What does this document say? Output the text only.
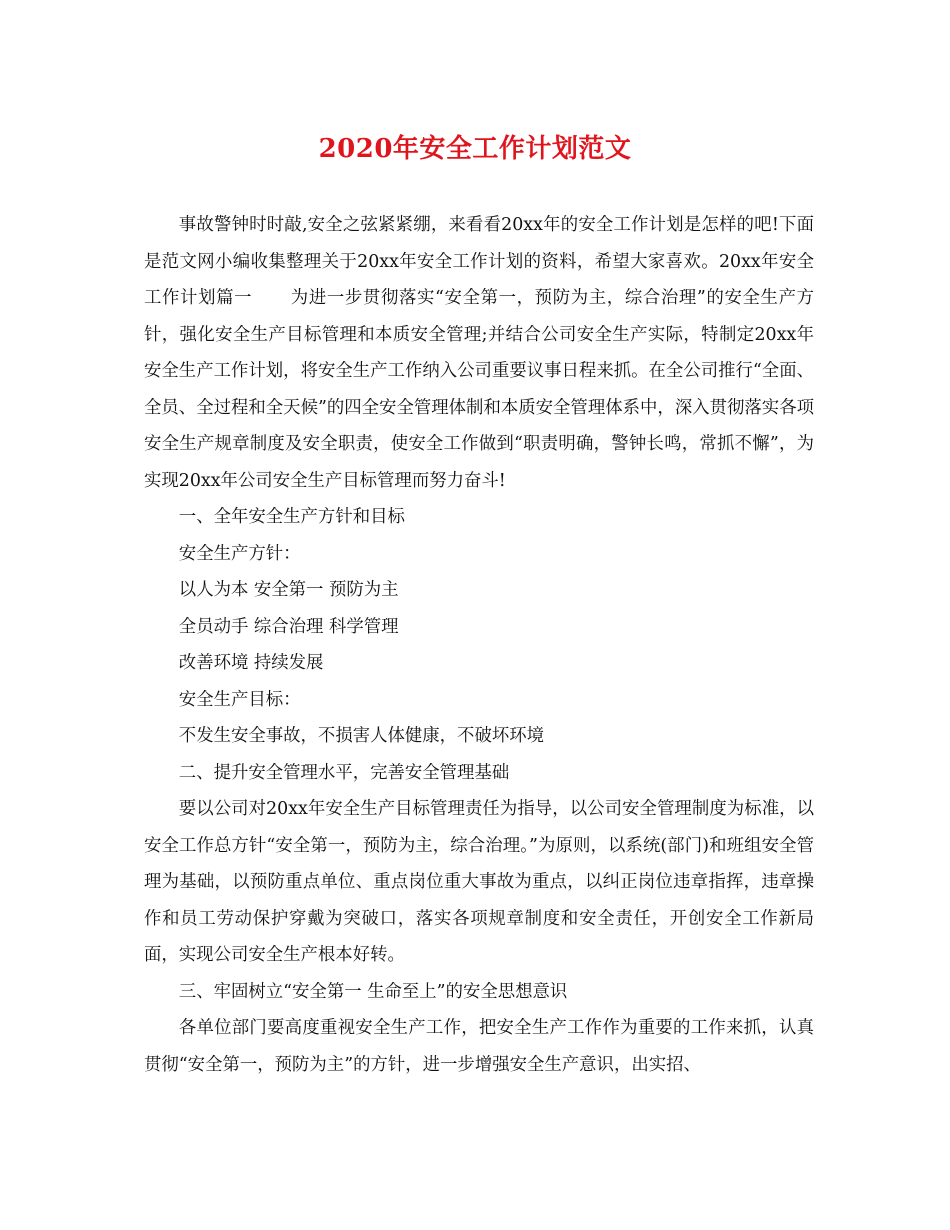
2020年安全工作计划范文

事故警钟时时敲,安全之弦紧紧绷，来看看20xx年的安全工作计划是怎样的吧!下面是范文网小编收集整理关于20xx年安全工作计划的资料，希望大家喜欢。20xx年安全工作计划篇一 为进一步贯彻落实“安全第一，预防为主，综合治理”的安全生产方针，强化安全生产目标管理和本质安全管理;并结合公司安全生产实际，特制定20xx年安全生产工作计划，将安全生产工作纳入公司重要议事日程来抓。在全公司推行“全面、全员、全过程和全天候”的四全安全管理体制和本质安全管理体系中，深入贯彻落实各项安全生产规章制度及安全职责，使安全工作做到“职责明确，警钟长鸣，常抓不懈”，为实现20xx年公司安全生产目标管理而努力奋斗!

一、全年安全生产方针和目标

安全生产方针：

以人为本 安全第一 预防为主

全员动手 综合治理 科学管理

改善环境 持续发展

安全生产目标：

不发生安全事故，不损害人体健康，不破坏环境

二、提升安全管理水平，完善安全管理基础

要以公司对20xx年安全生产目标管理责任为指导，以公司安全管理制度为标准，以安全工作总方针“安全第一，预防为主，综合治理。”为原则，以系统(部门)和班组安全管理为基础，以预防重点单位、重点岗位重大事故为重点，以纠正岗位违章指挥，违章操作和员工劳动保护穿戴为突破口，落实各项规章制度和安全责任，开创安全工作新局面，实现公司安全生产根本好转。

三、牢固树立“安全第一 生命至上”的安全思想意识

各单位部门要高度重视安全生产工作，把安全生产工作作为重要的工作来抓，认真贯彻“安全第一，预防为主”的方针，进一步增强安全生产意识，出实招、
